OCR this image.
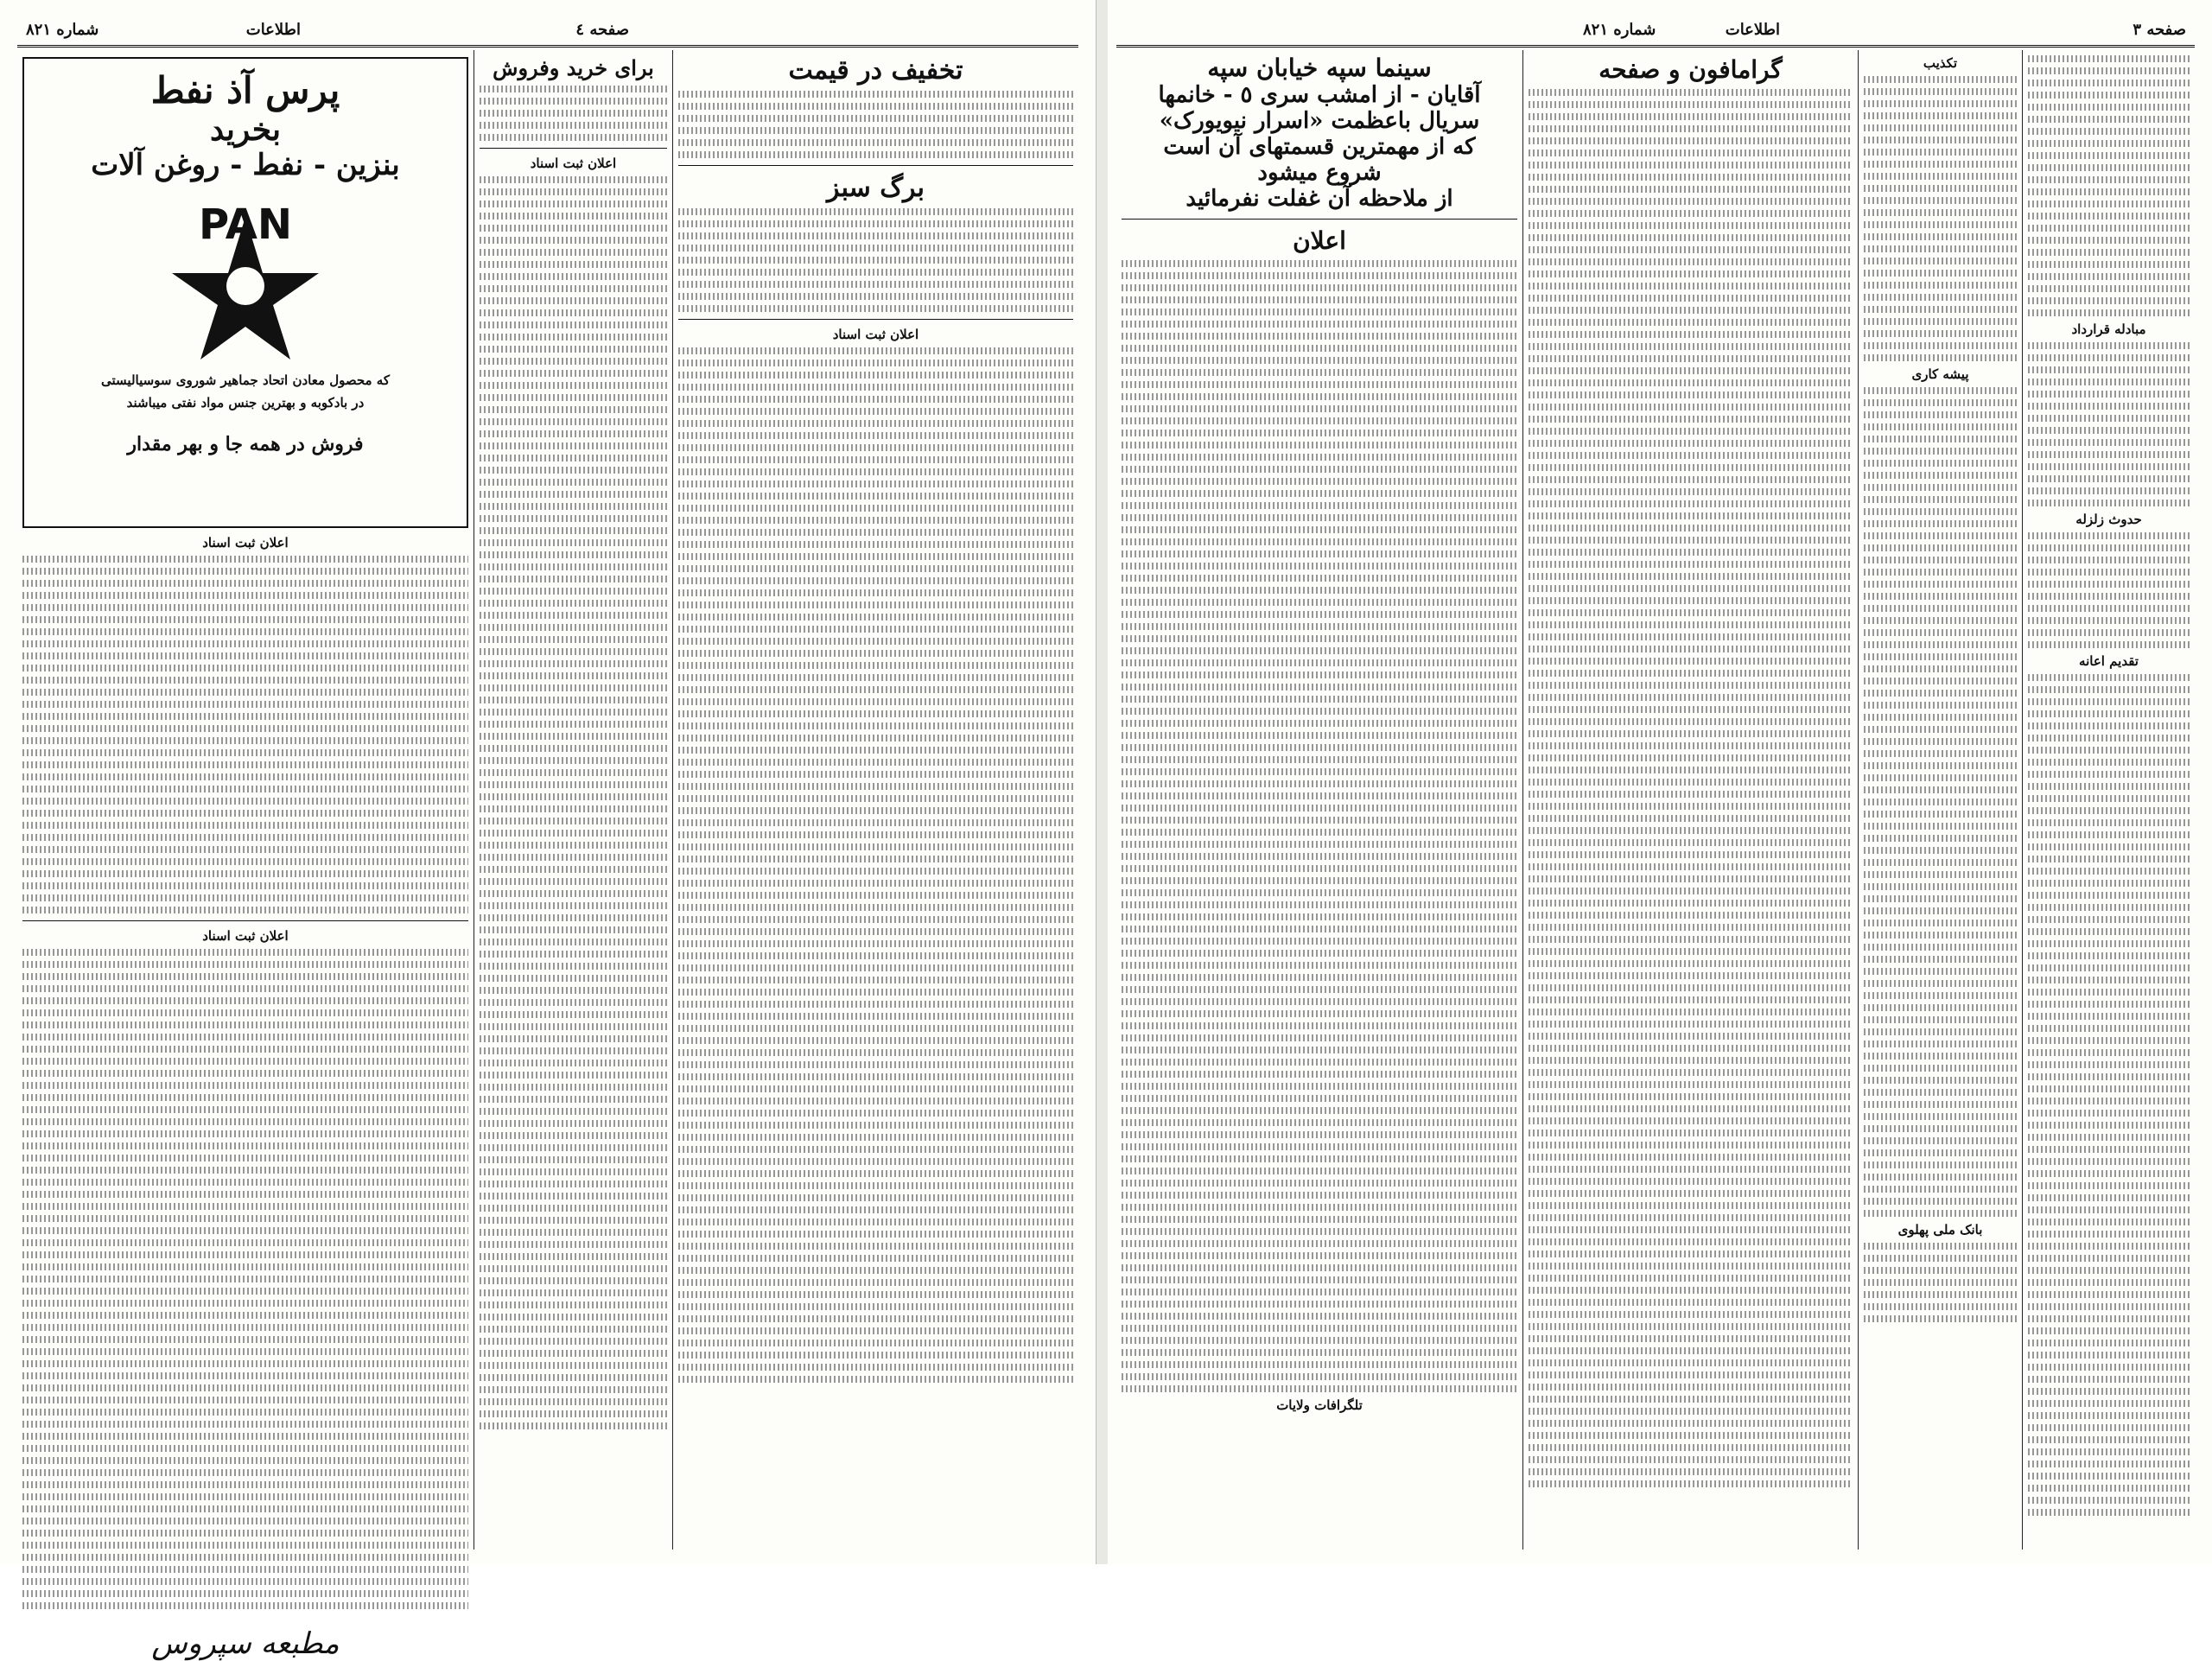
صفحه ٤
اطلاعات
شماره ۸۲۱
تخفیف در قیمت
برگ سبز
اعلان ثبت اسناد
برای خرید وفروش
اعلان ثبت اسناد
پرس آذ نفط
بخرید
بنزین - نفط - روغن آلات
PAN
که محصول معادن اتحاد جماهیر شوروی سوسیالیستی
در بادکوبه و بهترین جنس مواد نفتی میباشند
فروش در همه جا و بهر مقدار
اعلان ثبت اسناد
اعلان ثبت اسناد
مطبعه سپروس
صفحه ۳
اطلاعات
شماره ۸۲۱
مبادله قرارداد
حدوث زلزله
تقدیم اعانه
تکذیب
پیشه کاری
بانک ملی پهلوی
گرامافون و صفحه
سینما سپه خیابان سپه
آقایان - از امشب سری ٥ - خانمها
سریال باعظمت «اسرار نیویورک»
که از مهمترین قسمتهای آن است
شروع میشود
از ملاحظه آن غفلت نفرمائید
اعلان
تلگرافات ولایات
